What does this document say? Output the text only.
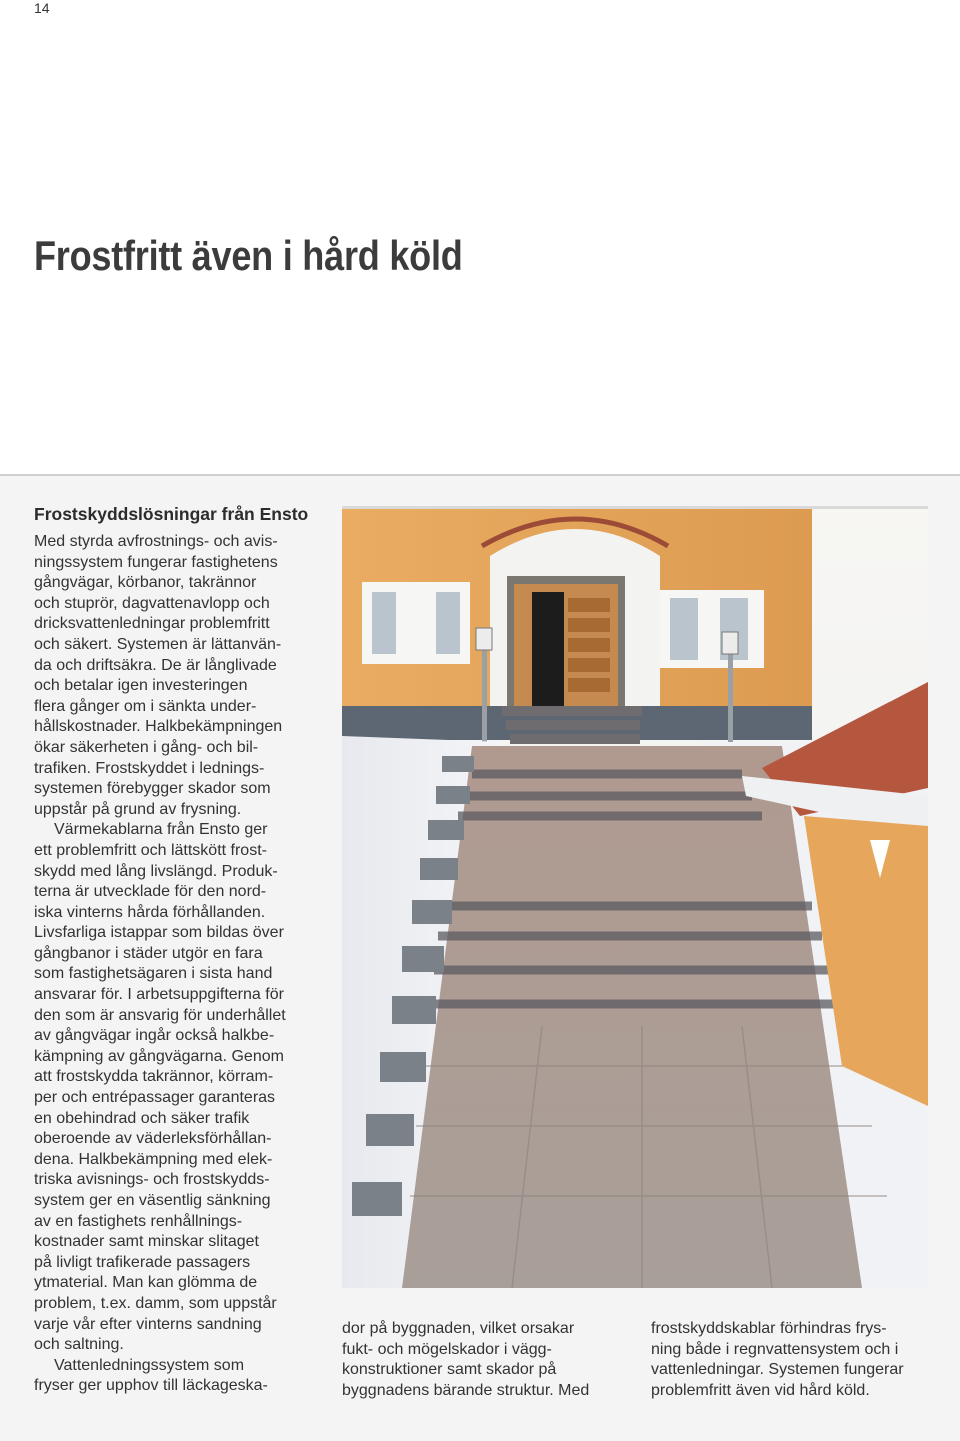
14
Frostfritt även i hård köld
Frostskyddslösningar från Ensto

Med styrda avfrostnings- och avis-

ningssystem fungerar fastighetens

gångvägar, körbanor, takrännor

och stuprör, dagvattenavlopp och

dricksvattenledningar problemfritt

och säkert. Systemen är lättanvän-

da och driftsäkra. De är långlivade

och betalar igen investeringen

flera gånger om i sänkta under-

hållskostnader. Halkbekämpningen

ökar säkerheten i gång- och bil-

trafiken. Frostskyddet i lednings-

systemen förebygger skador som

uppstår på grund av frysning.

Värmekablarna från Ensto ger

ett problemfritt och lättskött frost-

skydd med lång livslängd. Produk-

terna är utvecklade för den nord-

iska vinterns hårda förhållanden.

Livsfarliga istappar som bildas över

gångbanor i städer utgör en fara

som fastighetsägaren i sista hand

ansvarar för. I arbetsuppgifterna för

den som är ansvarig för underhållet

av gångvägar ingår också halkbe-

kämpning av gångvägarna. Genom

att frostskydda takrännor, körram-

per och entrépassager garanteras

en obehindrad och säker trafik

oberoende av väderleksförhållan-

dena. Halkbekämpning med elek-

triska avisnings- och frostskydds-

system ger en väsentlig sänkning

av en fastighets renhållnings-

kostnader samt minskar slitaget

på livligt trafikerade passagers

ytmaterial. Man kan glömma de

problem, t.ex. damm, som uppstår

varje vår efter vinterns sandning

och saltning.

Vattenledningssystem som

fryser ger upphov till läckageska-

dor på byggnaden, vilket orsakar

fukt- och mögelskador i vägg-

konstruktioner samt skador på

byggnadens bärande struktur. Med

frostskyddskablar förhindras frys-

ning både i regnvattensystem och i

vattenledningar. Systemen fungerar

problemfritt även vid hård köld.
